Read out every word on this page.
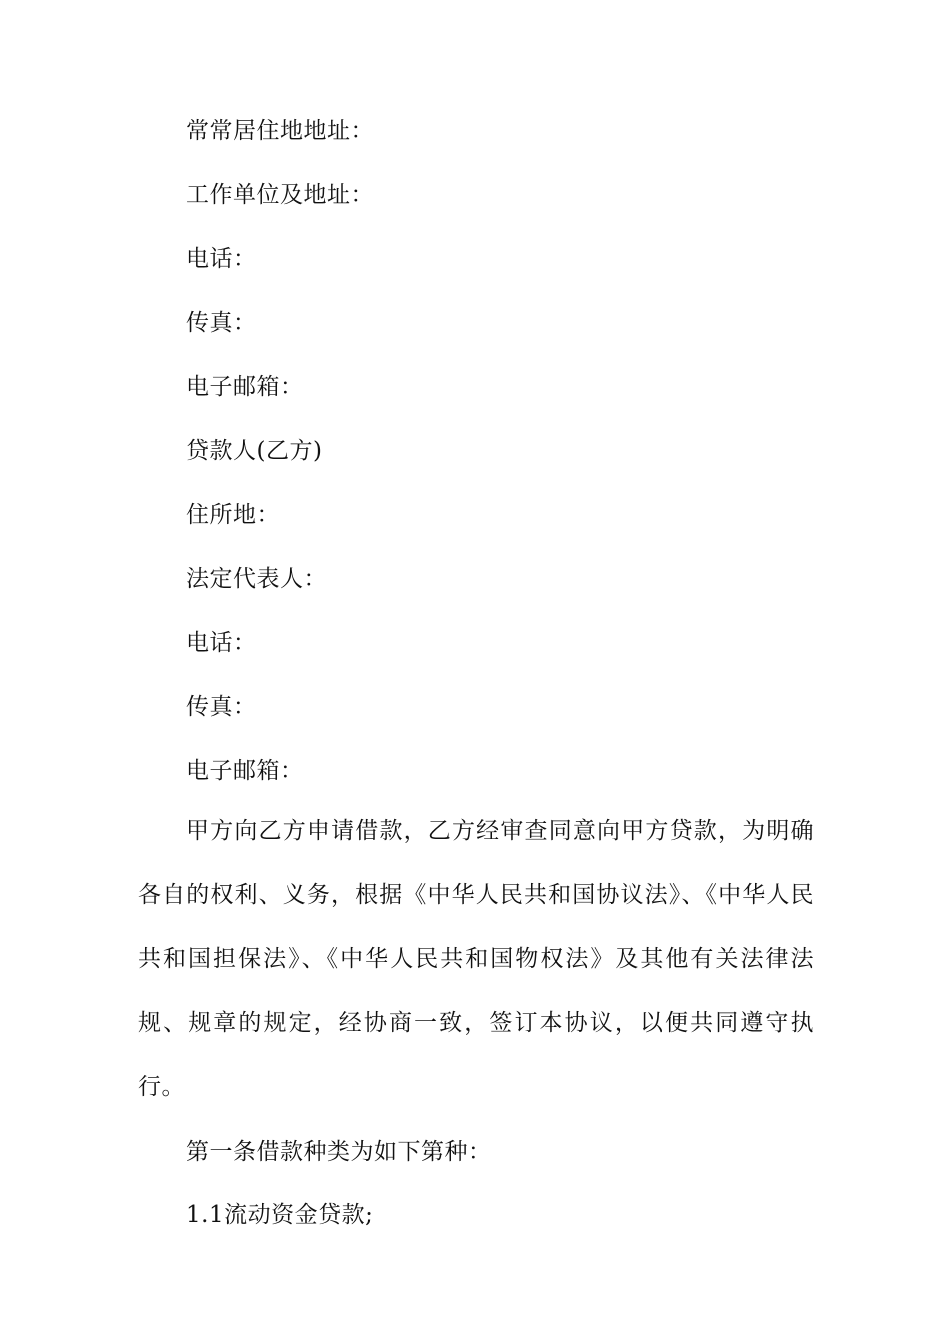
常常居住地地址：
工作单位及地址：
电话：
传真：
电子邮箱：
贷款人(乙方)
住所地：
法定代表人：
电话：
传真：
电子邮箱：
甲方向乙方申请借款，乙方经审查同意向甲方贷款，为明确各自的权利、义务，根据《中华人民共和国协议法》、《中华人民共和国担保法》、《中华人民共和国物权法》及其他有关法律法规、规章的规定，经协商一致，签订本协议，以便共同遵守执行。
第一条借款种类为如下第种：
1.1流动资金贷款;
